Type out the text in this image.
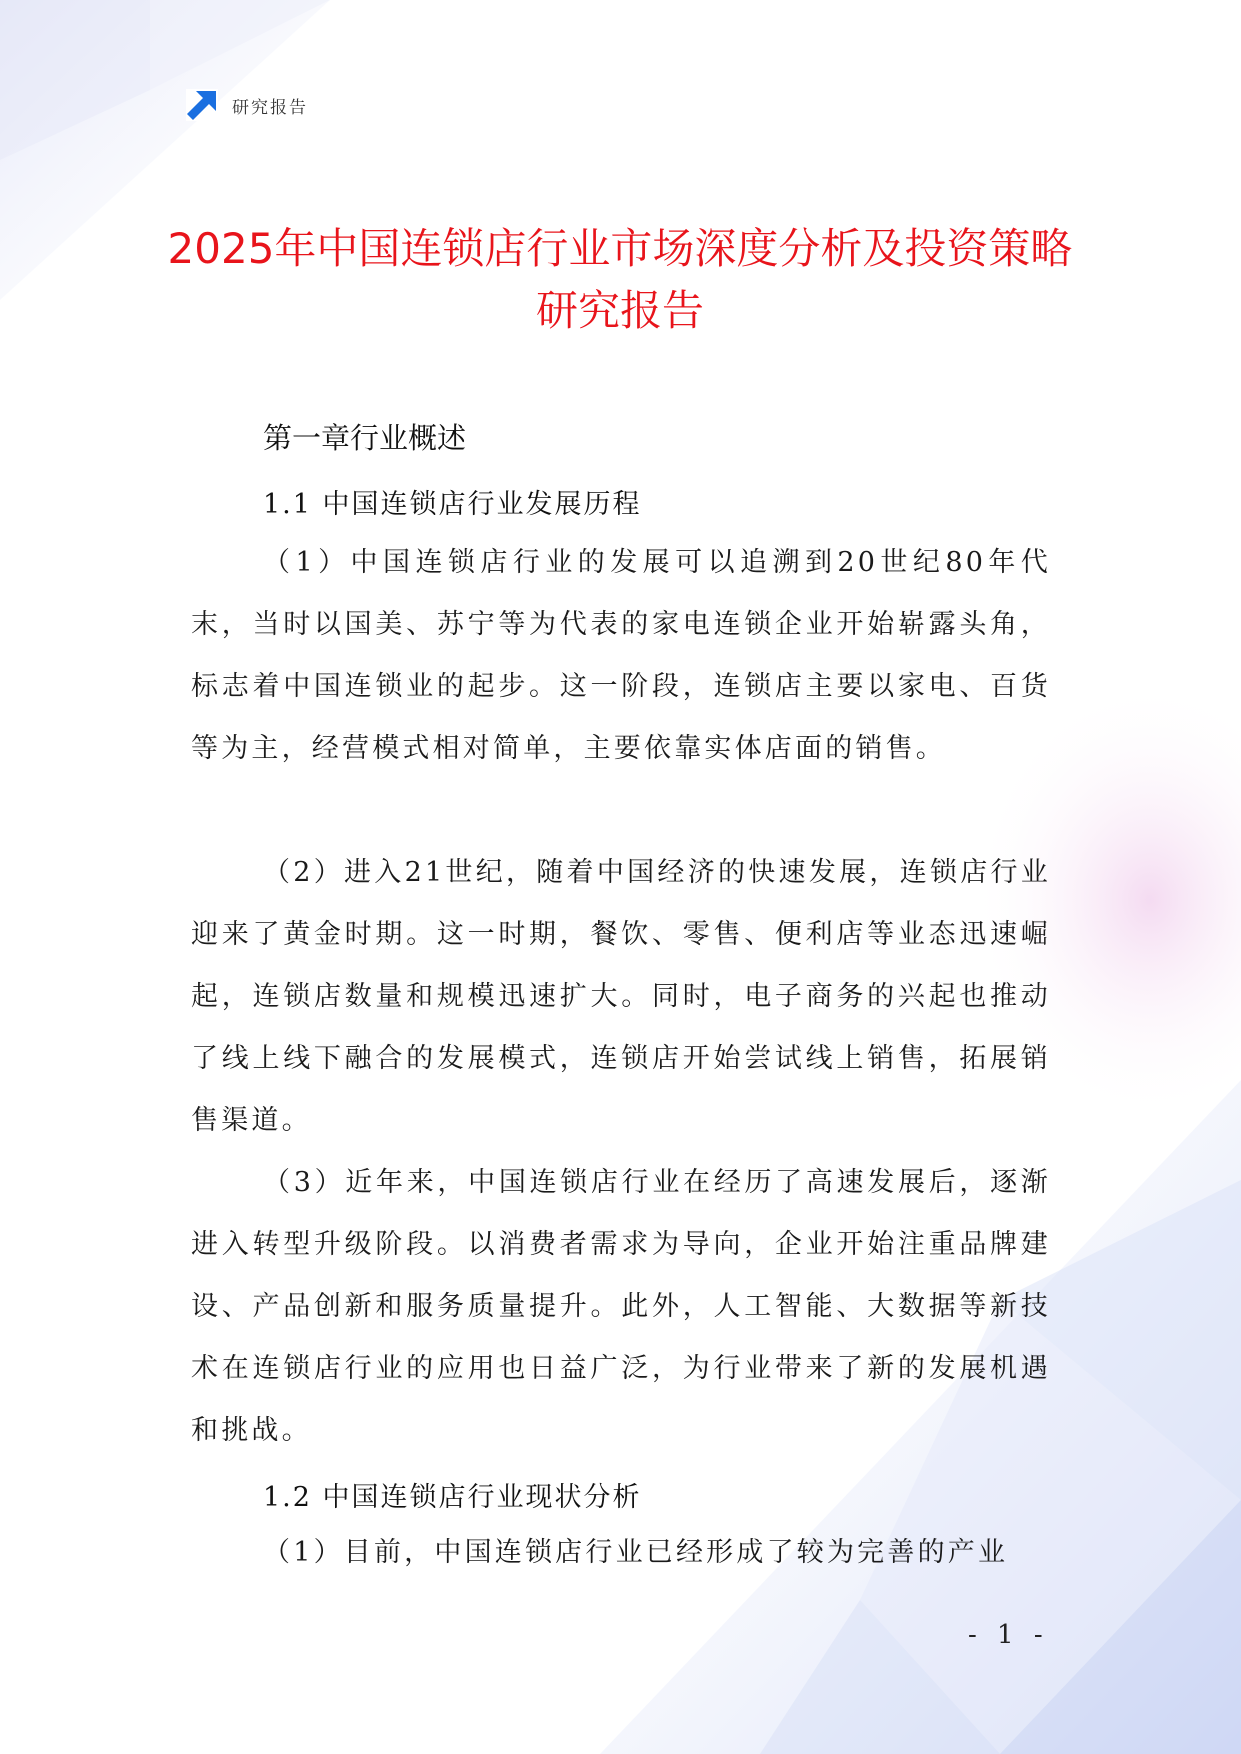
研究报告
2025年中国连锁店行业市场深度分析及投资策略研究报告
第一章行业概述
1.1 中国连锁店行业发展历程

（1）中国连锁店行业的发展可以追溯到20世纪80年代末，当时以国美、苏宁等为代表的家电连锁企业开始崭露头角，标志着中国连锁业的起步。这一阶段，连锁店主要以家电、百货等为主，经营模式相对简单，主要依靠实体店面的销售。

（2）进入21世纪，随着中国经济的快速发展，连锁店行业迎来了黄金时期。这一时期，餐饮、零售、便利店等业态迅速崛起，连锁店数量和规模迅速扩大。同时，电子商务的兴起也推动了线上线下融合的发展模式，连锁店开始尝试线上销售，拓展销售渠道。

（3）近年来，中国连锁店行业在经历了高速发展后，逐渐进入转型升级阶段。以消费者需求为导向，企业开始注重品牌建设、产品创新和服务质量提升。此外，人工智能、大数据等新技术在连锁店行业的应用也日益广泛，为行业带来了新的发展机遇和挑战。

1.2 中国连锁店行业现状分析

（1）目前，中国连锁店行业已经形成了较为完善的产业

- 1 -
